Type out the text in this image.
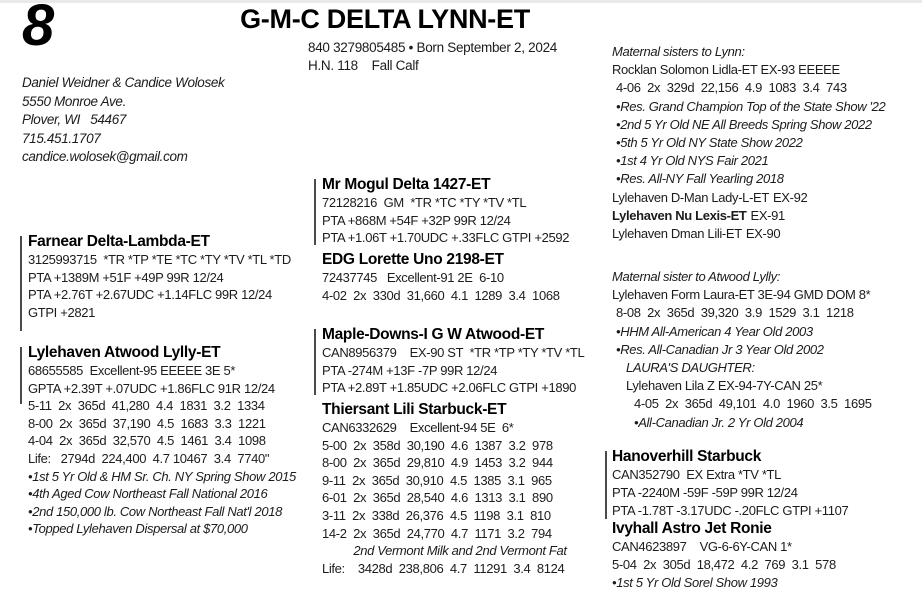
8	G-M-C DELTA LYNN-ET
840 3279805485 • Born September 2, 2024
H.N. 118    Fall Calf
Daniel Weidner & Candice Wolosek
5550 Monroe Ave.
Plover, WI   54467
715.451.1707
candice.wolosek@gmail.com
Farnear Delta-Lambda-ET
3125993715  *TR *TP *TE *TC *TY *TV *TL *TD
PTA +1389M +51F +49P 99R 12/24
PTA +2.76T +2.67UDC +1.14FLC 99R 12/24
GTPI +2821
Lylehaven Atwood Lylly-ET
68655585  Excellent-95 EEEEE 3E 5*
GPTA +2.39T +.07UDC +1.86FLC 91R 12/24
5-11  2x  365d  41,280  4.4  1831  3.2  1334
8-00  2x  365d  37,190  4.5  1683  3.3  1221
4-04  2x  365d  32,570  4.5  1461  3.4  1098
Life:   2794d  224,400  4.7 10467  3.4  7740"
•1st 5 Yr Old & HM Sr. Ch. NY Spring Show 2015
•4th Aged Cow Northeast Fall National 2016
•2nd 150,000 lb. Cow Northeast Fall Nat'l 2018
•Topped Lylehaven Dispersal at $70,000
Mr Mogul Delta 1427-ET
72128216  GM  *TR *TC *TY *TV *TL
PTA +868M +54F +32P 99R 12/24
PTA +1.06T +1.70UDC +.33FLC GTPI +2592
EDG Lorette Uno 2198-ET
72437745   Excellent-91 2E  6-10
4-02  2x  330d  31,660  4.1  1289  3.4  1068
Maple-Downs-I G W Atwood-ET
CAN8956379    EX-90 ST  *TR *TP *TY *TV *TL
PTA -274M +13F -7P 99R 12/24
PTA +2.89T +1.85UDC +2.06FLC GTPI +1890
Thiersant Lili Starbuck-ET
CAN6332629    Excellent-94 5E  6*
5-00  2x  358d  30,190  4.6  1387  3.2  978
8-00  2x  365d  29,810  4.9  1453  3.2  944
9-11  2x  365d  30,910  4.5  1385  3.1  965
6-01  2x  365d  28,540  4.6  1313  3.1  890
3-11  2x  338d  26,376  4.5  1198  3.1  810
14-2  2x  365d  24,770  4.7  1171  3.2  794
2nd Vermont Milk and 2nd Vermont Fat
Life:    3428d  238,806  4.7  11291  3.4  8124
Maternal sisters to Lynn:
Rocklan Solomon Lidla-ET EX-93 EEEEE
4-06  2x  329d  22,156  4.9  1083  3.4  743
•Res. Grand Champion Top of the State Show '22
•2nd 5 Yr Old NE All Breeds Spring Show 2022
•5th 5 Yr Old NY State Show 2022
•1st 4 Yr Old NYS Fair 2021
•Res. All-NY Fall Yearling 2018
Lylehaven D-Man Lady-L-ET EX-92
Lylehaven Nu Lexis-ET EX-91
Lylehaven Dman Lili-ET EX-90
Maternal sister to Atwood Lylly:
Lylehaven Form Laura-ET 3E-94 GMD DOM 8*
8-08  2x  365d  39,320  3.9  1529  3.1  1218
•HHM All-American 4 Year Old 2003
•Res. All-Canadian Jr 3 Year Old 2002
LAURA'S DAUGHTER:
Lylehaven Lila Z EX-94-7Y-CAN 25*
4-05  2x  365d  49,101  4.0  1960  3.5  1695
•All-Canadian Jr. 2 Yr Old 2004
Hanoverhill Starbuck
CAN352790  EX Extra *TV *TL
PTA -2240M -59F -59P 99R 12/24
PTA -1.78T -3.17UDC -.20FLC GTPI +1107
Ivyhall Astro Jet Ronie
CAN4623897    VG-6-6Y-CAN 1*
5-04  2x  305d  18,472  4.2  769  3.1  578
•1st 5 Yr Old Sorel Show 1993
